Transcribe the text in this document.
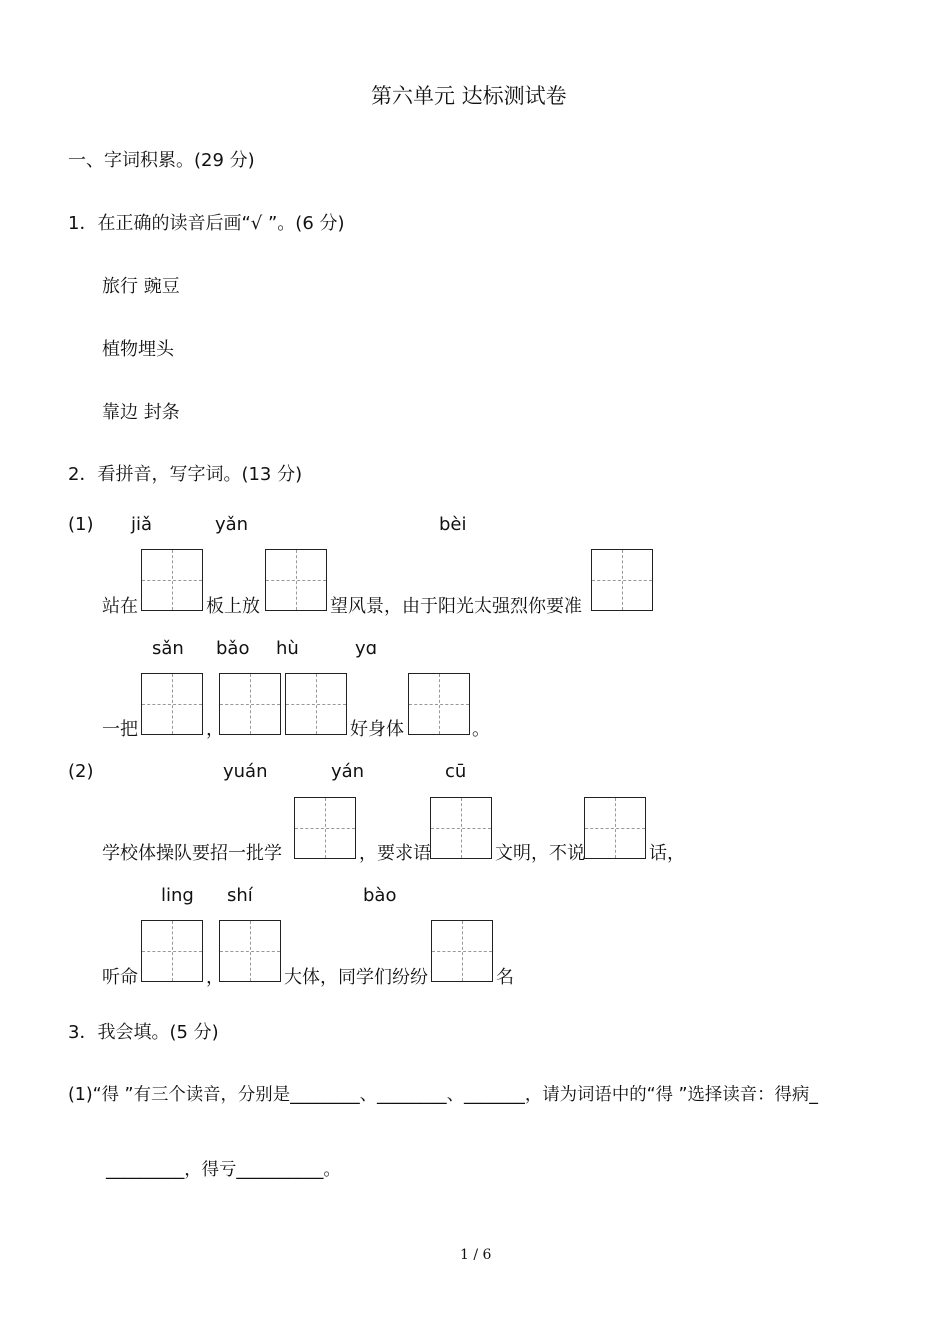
第六单元 达标测试卷
一、字词积累。(29 分)
1．在正确的读音后画“√ ”。(6 分)
旅行 豌豆
植物埋头
靠边 封条
2．看拼音，写字词。(13 分)
(1) jiǎ	yǎn	bèi
站在	板上放	望风景，由于阳光太强烈你要准
sǎn bǎo hù	yɑ
一把	，	好身体	。
(2)	yuán	yán	cū
学校体操队要招一批学	，要求语	文明，不说	话，
ling shí	bào
听命	，	大体，同学们纷纷	名
3．我会填。(5 分)
(1)“得 ”有三个读音，分别是________、________、_______，请为词语中的“得 ”选择读音：得病_
_________，得亏__________。
1 / 6
